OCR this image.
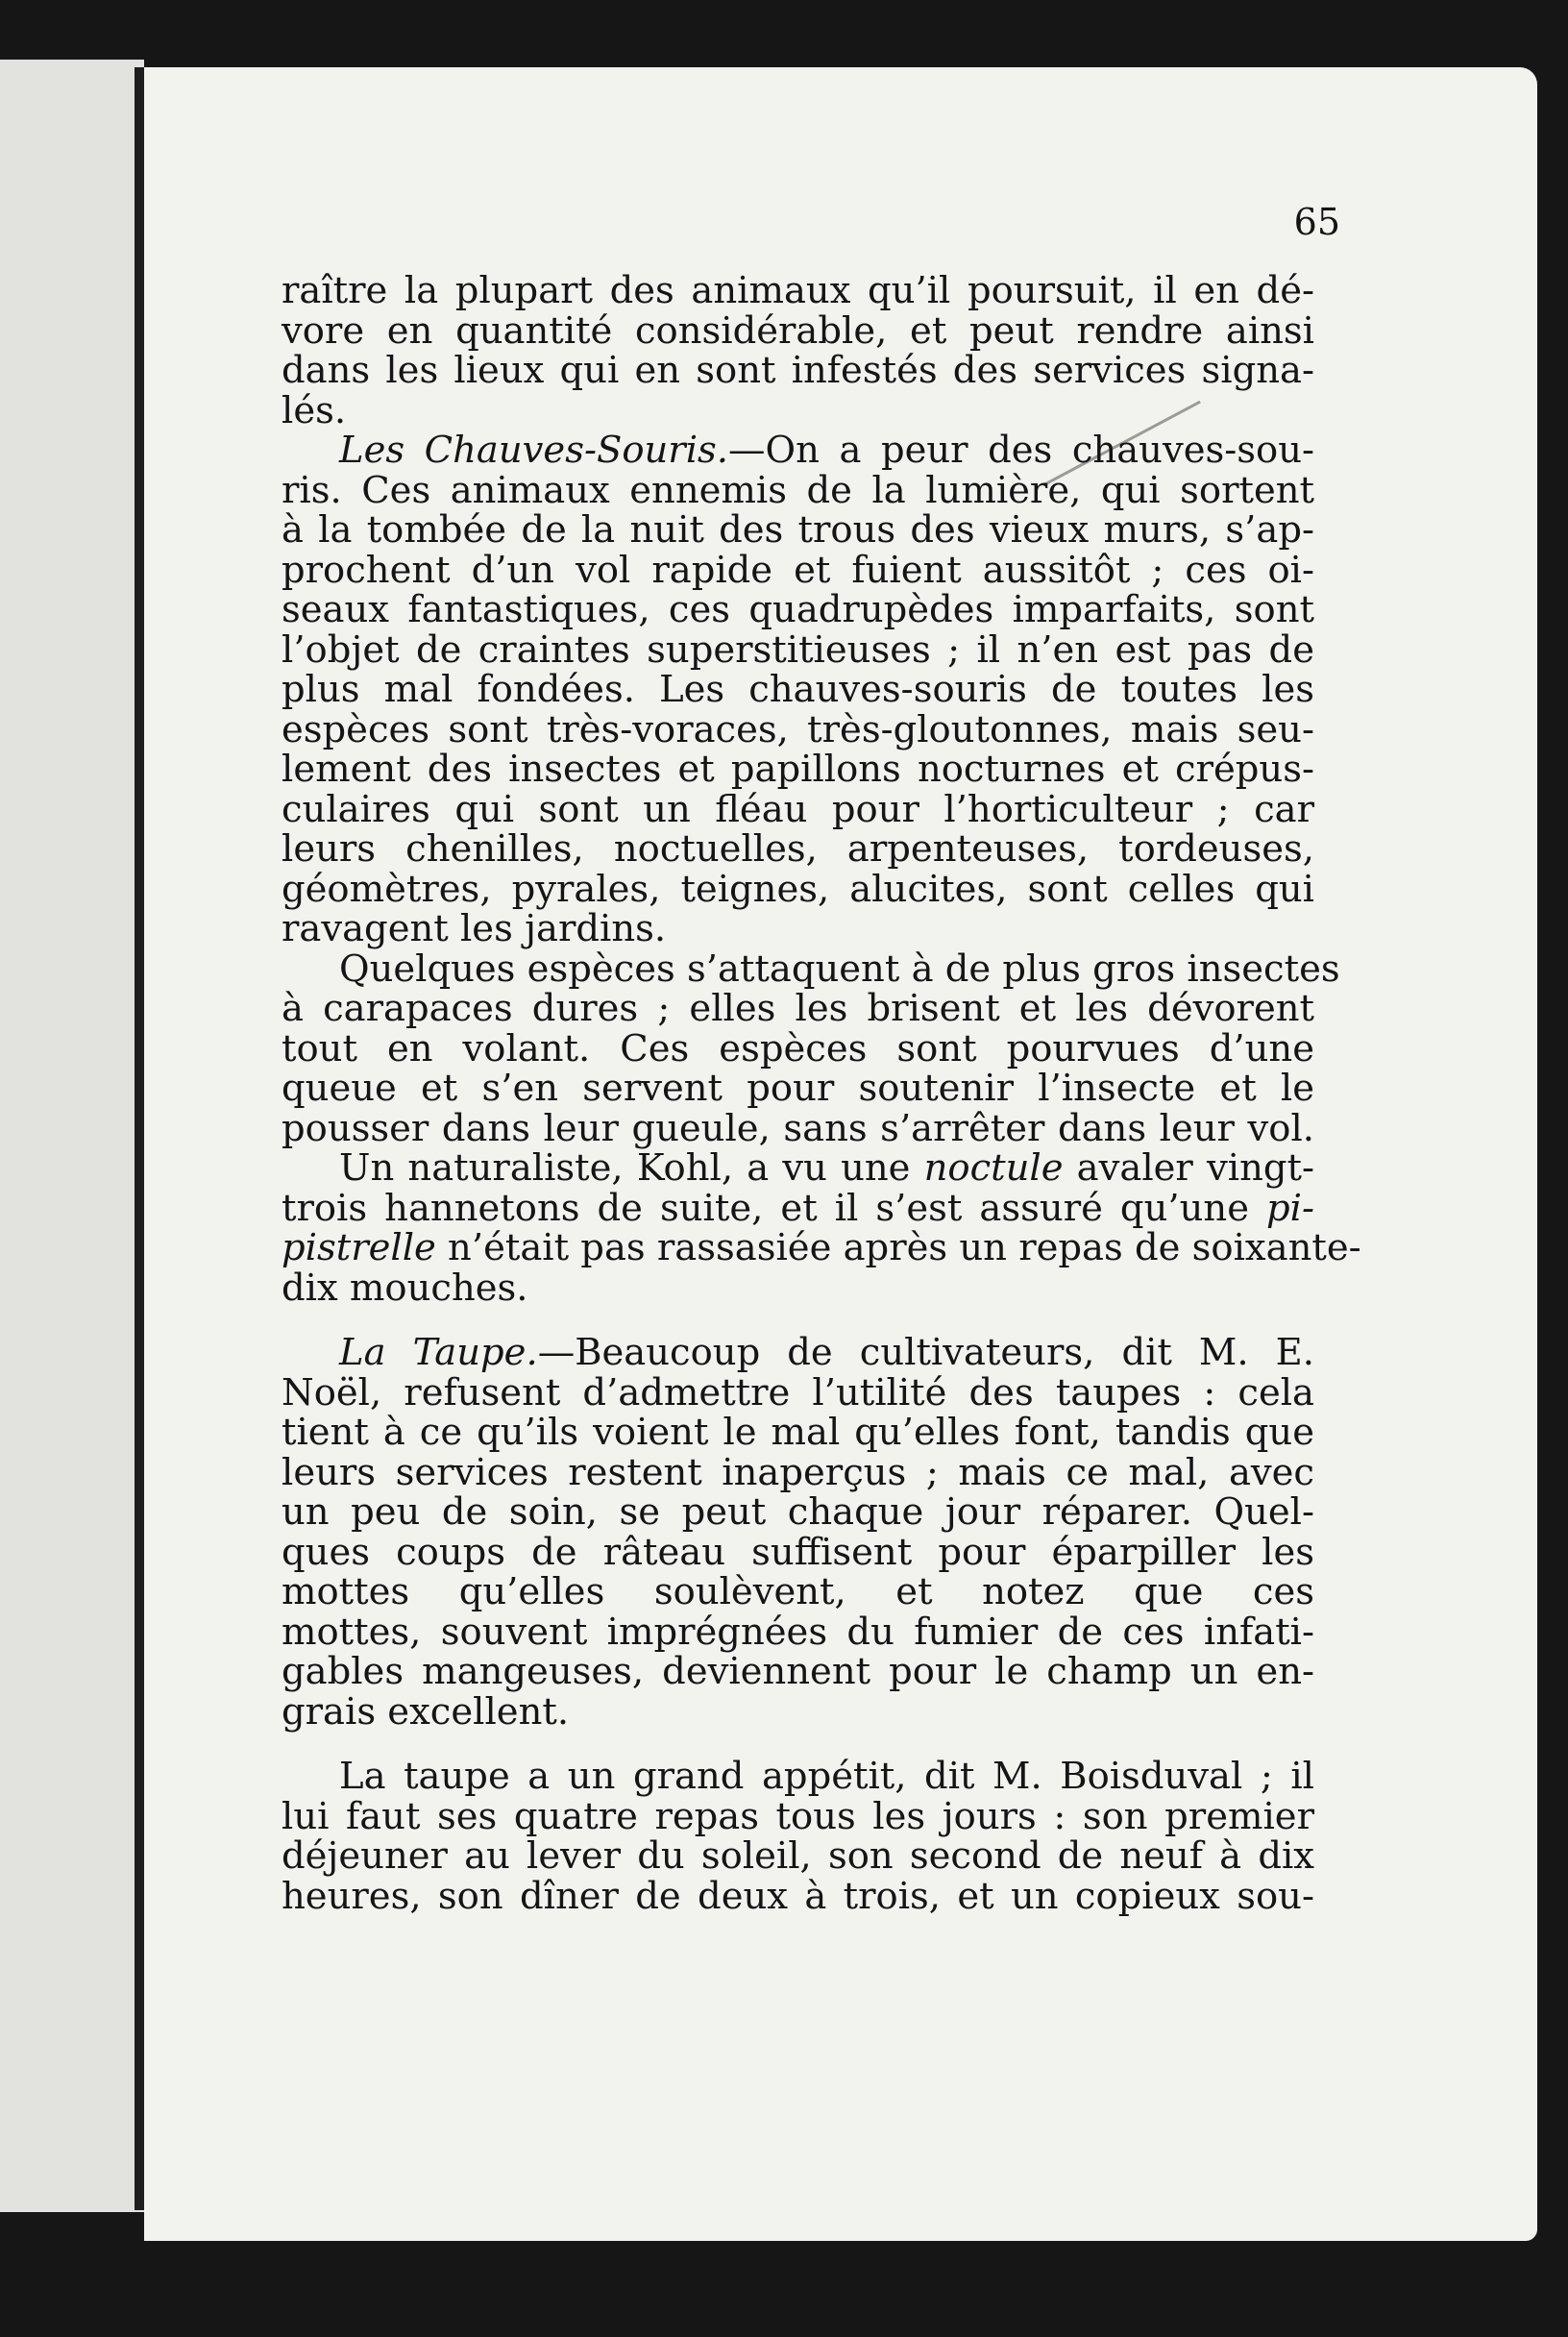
65
raître la plupart des animaux qu’il poursuit, il en dé-
vore en quantité considérable, et peut rendre ainsi
dans les lieux qui en sont infestés des services signa-
lés.
Les Chauves-Souris.—On a peur des chauves-sou-
ris. Ces animaux ennemis de la lumière, qui sortent
à la tombée de la nuit des trous des vieux murs, s’ap-
prochent d’un vol rapide et fuient aussitôt ; ces oi-
seaux fantastiques, ces quadrupèdes imparfaits, sont
l’objet de craintes superstitieuses ; il n’en est pas de
plus mal fondées. Les chauves-souris de toutes les
espèces sont très-voraces, très-gloutonnes, mais seu-
lement des insectes et papillons nocturnes et crépus-
culaires qui sont un fléau pour l’horticulteur ; car
leurs chenilles, noctuelles, arpenteuses, tordeuses,
géomètres, pyrales, teignes, alucites, sont celles qui
ravagent les jardins.
Quelques espèces s’attaquent à de plus gros insectes
à carapaces dures ; elles les brisent et les dévorent
tout en volant. Ces espèces sont pourvues d’une
queue et s’en servent pour soutenir l’insecte et le
pousser dans leur gueule, sans s’arrêter dans leur vol.
Un naturaliste, Kohl, a vu une noctule avaler vingt-
trois hannetons de suite, et il s’est assuré qu’une pi-
pistrelle n’était pas rassasiée après un repas de soixante-
dix mouches.
La Taupe.—Beaucoup de cultivateurs, dit M. E.
Noël, refusent d’admettre l’utilité des taupes : cela
tient à ce qu’ils voient le mal qu’elles font, tandis que
leurs services restent inaperçus ; mais ce mal, avec
un peu de soin, se peut chaque jour réparer. Quel-
ques coups de râteau suffisent pour éparpiller les
mottes qu’elles soulèvent, et notez que ces
mottes, souvent imprégnées du fumier de ces infati-
gables mangeuses, deviennent pour le champ un en-
grais excellent.
La taupe a un grand appétit, dit M. Boisduval ; il
lui faut ses quatre repas tous les jours : son premier
déjeuner au lever du soleil, son second de neuf à dix
heures, son dîner de deux à trois, et un copieux sou-
